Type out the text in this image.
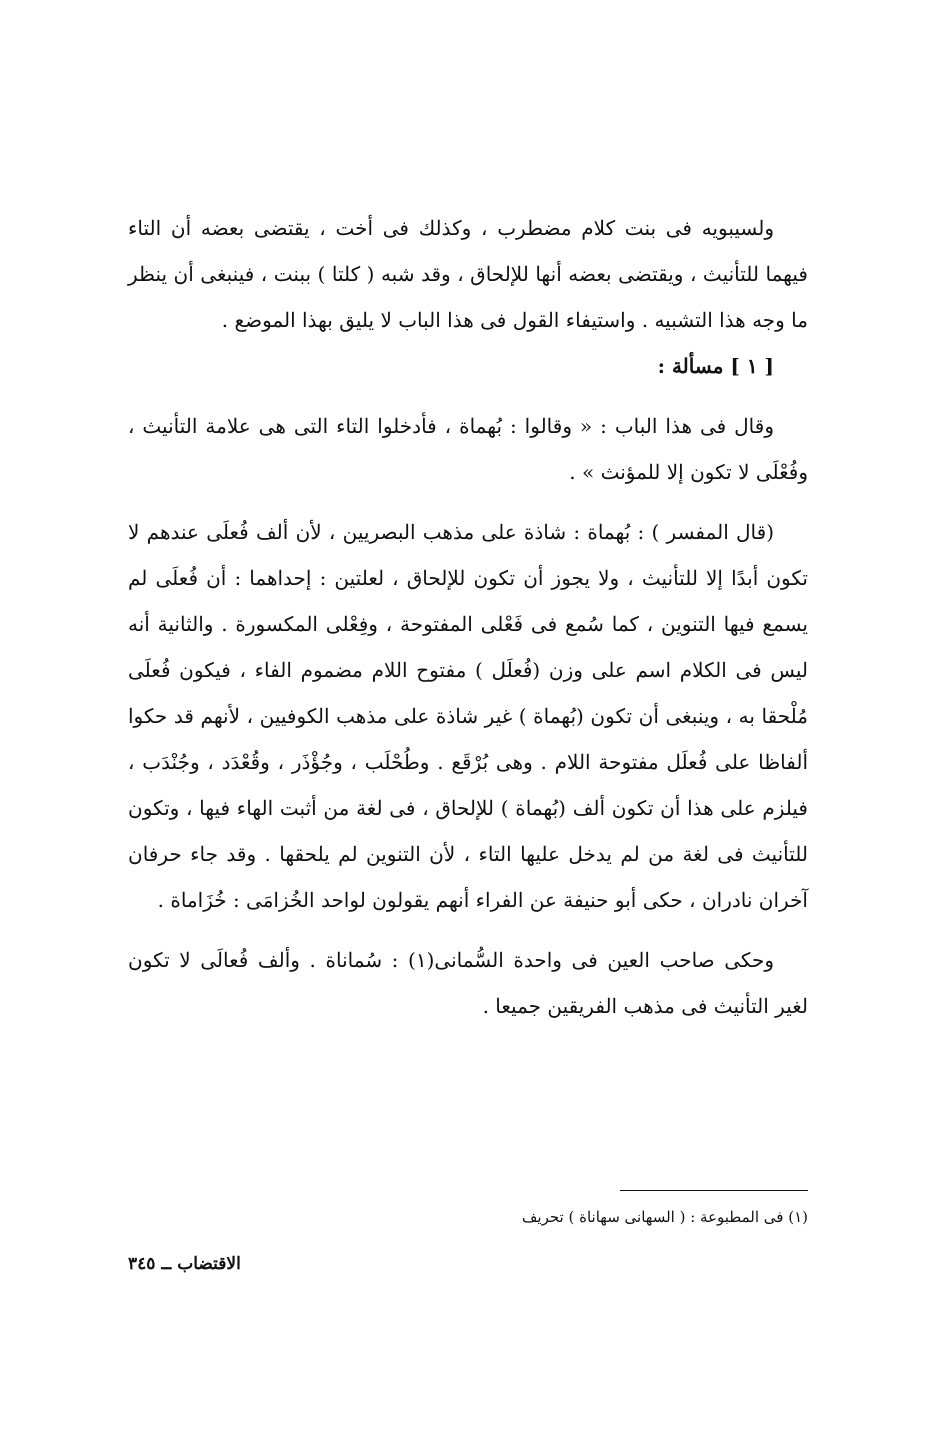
ولسيبويه فى بنت كلام مضطرب ، وكذلك فى أخت ، يقتضى بعضه أن التاء فيهما للتأنيث ، ويقتضى بعضه أنها للإلحاق ، وقد شبه ( كلتا ) ببنت ، فينبغى أن ينظر ما وجه هذا التشبيه . واستيفاء القول فى هذا الباب لا يليق بهذا الموضع .

[ ١ ] مسألة :

وقال فى هذا الباب : « وقالوا : بُهماة ، فأدخلوا التاء التى هى علامة التأنيث ، وفُعْلَى لا تكون إلا للمؤنث » .

(قال المفسر ) : بُهماة : شاذة على مذهب البصريين ، لأن ألف فُعلَى عندهم لا تكون أبدًا إلا للتأنيث ، ولا يجوز أن تكون للإلحاق ، لعلتين : إحداهما : أن فُعلَى لم يسمع فيها التنوين ، كما سُمع فى فَعْلى المفتوحة ، وفِعْلى المكسورة . والثانية أنه ليس فى الكلام اسم على وزن (فُعلَل ) مفتوح اللام مضموم الفاء ، فيكون فُعلَى مُلْحقا به ، وينبغى أن تكون (بُهماة ) غير شاذة على مذهب الكوفيين ، لأنهم قد حكوا ألفاظا على فُعلَل مفتوحة اللام . وهى بُرْقَع . وطُحْلَب ، وجُؤْذَر ، وقُعْدَد ، وجُنْدَب ، فيلزم على هذا أن تكون ألف (بُهماة ) للإلحاق ، فى لغة من أثبت الهاء فيها ، وتكون للتأنيث فى لغة من لم يدخل عليها التاء ، لأن التنوين لم يلحقها . وقد جاء حرفان آخران نادران ، حكى أبو حنيفة عن الفراء أنهم يقولون لواحد الخُزامَى : خُزَاماة .

وحكى صاحب العين فى واحدة السُّمانى(١) : سُماناة . وألف فُعالَى لا تكون لغير التأنيث فى مذهب الفريقين جميعا .

(١) فى المطبوعة : ( السهانى سهاناة ) تحريف
الاقتضاب ــ ٣٤٥
